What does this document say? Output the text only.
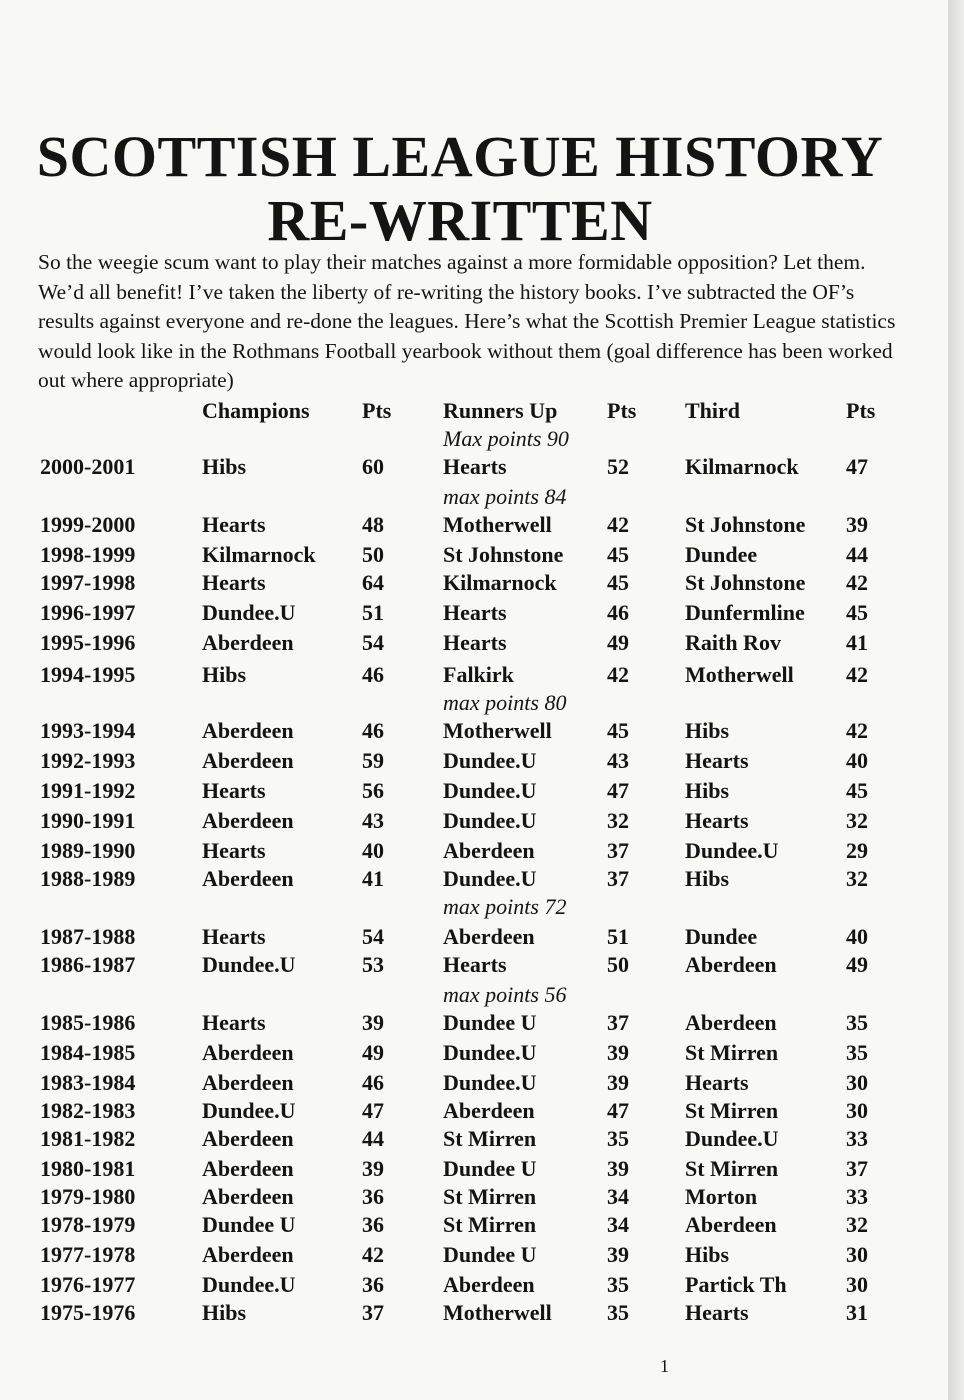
SCOTTISH LEAGUE HISTORY
RE-WRITTEN

So the weegie scum want to play their matches against a more formidable opposition? Let them. We’d all benefit! I’ve taken the liberty of re-writing the history books. I’ve subtracted the OF’s results against everyone and re-done the leagues. Here’s what the Scottish Premier League statistics would look like in the Rothmans Football yearbook without them (goal difference has been worked out where appropriate)

Champions Pts Runners Up Pts Third	Pts
Max points 90
2000-2001	Hibs	60	Hearts	52	Kilmarnock 47
max points 84
1999-2000	Hearts	48	Motherwell	42	St Johnstone 39
1998-1999	Kilmarnock 50	St Johnstone 45	Dundee	44
1997-1998	Hearts	64	Kilmarnock 45	St Johnstone 42
1996-1997	Dundee.U	51	Hearts	46	Dunfermline 45
1995-1996	Aberdeen	54	Hearts	49	Raith Rov	41
1994-1995	Hibs	46	Falkirk	42	Motherwell 42
max points 80
1993-1994	Aberdeen	46	Motherwell	45	Hibs	42
1992-1993	Aberdeen	59	Dundee.U	43	Hearts	40
1991-1992	Hearts	56	Dundee.U	47	Hibs	45
1990-1991	Aberdeen	43	Dundee.U	32	Hearts	32
1989-1990	Hearts	40	Aberdeen	37	Dundee.U	29
1988-1989	Aberdeen	41	Dundee.U	37	Hibs	32
max points 72
1987-1988	Hearts	54	Aberdeen	51	Dundee	40
1986-1987	Dundee.U	53	Hearts	50	Aberdeen	49
max points 56
1985-1986	Hearts	39	Dundee U	37	Aberdeen	35
1984-1985	Aberdeen	49	Dundee.U	39	St Mirren	35
1983-1984	Aberdeen	46	Dundee.U	39	Hearts	30
1982-1983	Dundee.U	47	Aberdeen	47	St Mirren	30
1981-1982	Aberdeen	44	St Mirren	35	Dundee.U	33
1980-1981	Aberdeen	39	Dundee U	39	St Mirren	37
1979-1980	Aberdeen	36	St Mirren	34	Morton	33
1978-1979	Dundee U	36	St Mirren	34	Aberdeen	32
1977-1978	Aberdeen	42	Dundee U	39	Hibs	30
1976-1977	Dundee.U	36	Aberdeen	35	Partick Th	30
1975-1976	Hibs	37	Motherwell	35	Hearts	31
1
